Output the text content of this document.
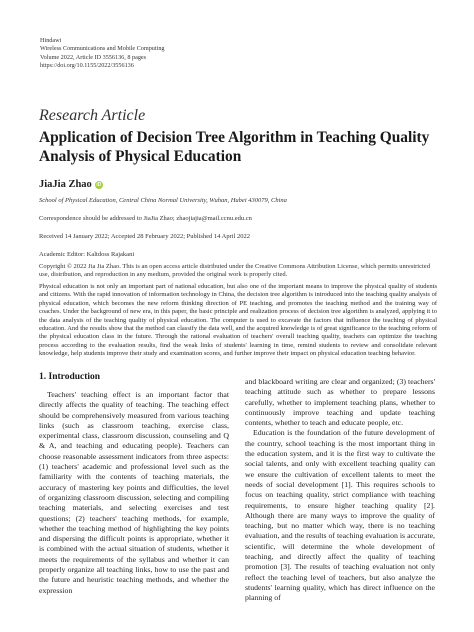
Hindawi
Wireless Communications and Mobile Computing
Volume 2022, Article ID 3556136, 8 pages
https://doi.org/10.1155/2022/3556136
Research Article
Application of Decision Tree Algorithm in Teaching Quality Analysis of Physical Education
JiaJia Zhao iD
School of Physical Education, Central China Normal University, Wuhan, Hubei 430079, China
Correspondence should be addressed to JiaJia Zhao; zhaojiajia@mail.ccnu.edu.cn
Received 14 January 2022; Accepted 28 February 2022; Published 14 April 2022
Academic Editor: Kaltdoss Rajakani
Copyright © 2022 Jia Jia Zhao. This is an open access article distributed under the Creative Commons Attribution License, which permits unrestricted use, distribution, and reproduction in any medium, provided the original work is properly cited.
Physical education is not only an important part of national education, but also one of the important means to improve the physical quality of students and citizens. With the rapid innovation of information technology in China, the decision tree algorithm is introduced into the teaching quality analysis of physical education, which becomes the new reform thinking direction of PE teaching, and promotes the teaching method and the training way of coaches. Under the background of new era, in this paper, the basic principle and realization process of decision tree algorithm is analyzed, applying it to the data analysis of the teaching quality of physical education. The computer is used to excavate the factors that influence the teaching of physical education. And the results show that the method can classify the data well, and the acquired knowledge is of great significance to the teaching reform of the physical education class in the future. Through the rational evaluation of teachers' overall teaching quality, teachers can optimize the teaching process according to the evaluation results, find the weak links of students' learning in time, remind students to review and consolidate relevant knowledge, help students improve their study and examination scores, and further improve their impact on physical education teaching behavior.
1. Introduction
Teachers' teaching effect is an important factor that directly affects the quality of teaching. The teaching effect should be comprehensively measured from various teaching links (such as classroom teaching, exercise class, experimental class, classroom discussion, counseling and Q & A, and teaching and educating people). Teachers can choose reasonable assessment indicators from three aspects: (1) teachers' academic and professional level such as the familiarity with the contents of teaching materials, the accuracy of mastering key points and difficulties, the level of organizing classroom discussion, selecting and compiling teaching materials, and selecting exercises and test questions; (2) teachers' teaching methods, for example, whether the teaching method of highlighting the key points and dispersing the difficult points is appropriate, whether it is combined with the actual situation of students, whether it meets the requirements of the syllabus and whether it can properly organize all teaching links, how to use the past and the future and heuristic teaching methods, and whether the expression
and blackboard writing are clear and organized; (3) teachers' teaching attitude such as whether to prepare lessons carefully, whether to implement teaching plans, whether to continuously improve teaching and update teaching contents, whether to teach and educate people, etc.
Education is the foundation of the future development of the country, school teaching is the most important thing in the education system, and it is the first way to cultivate the social talents, and only with excellent teaching quality can we ensure the cultivation of excellent talents to meet the needs of social development [1]. This requires schools to focus on teaching quality, strict compliance with teaching requirements, to ensure higher teaching quality [2]. Although there are many ways to improve the quality of teaching, but no matter which way, there is no teaching evaluation, and the results of teaching evaluation is accurate, scientific, will determine the whole development of teaching, and directly affect the quality of teaching promotion [3]. The results of teaching evaluation not only reflect the teaching level of teachers, but also analyze the students' learning quality, which has direct influence on the planning of
